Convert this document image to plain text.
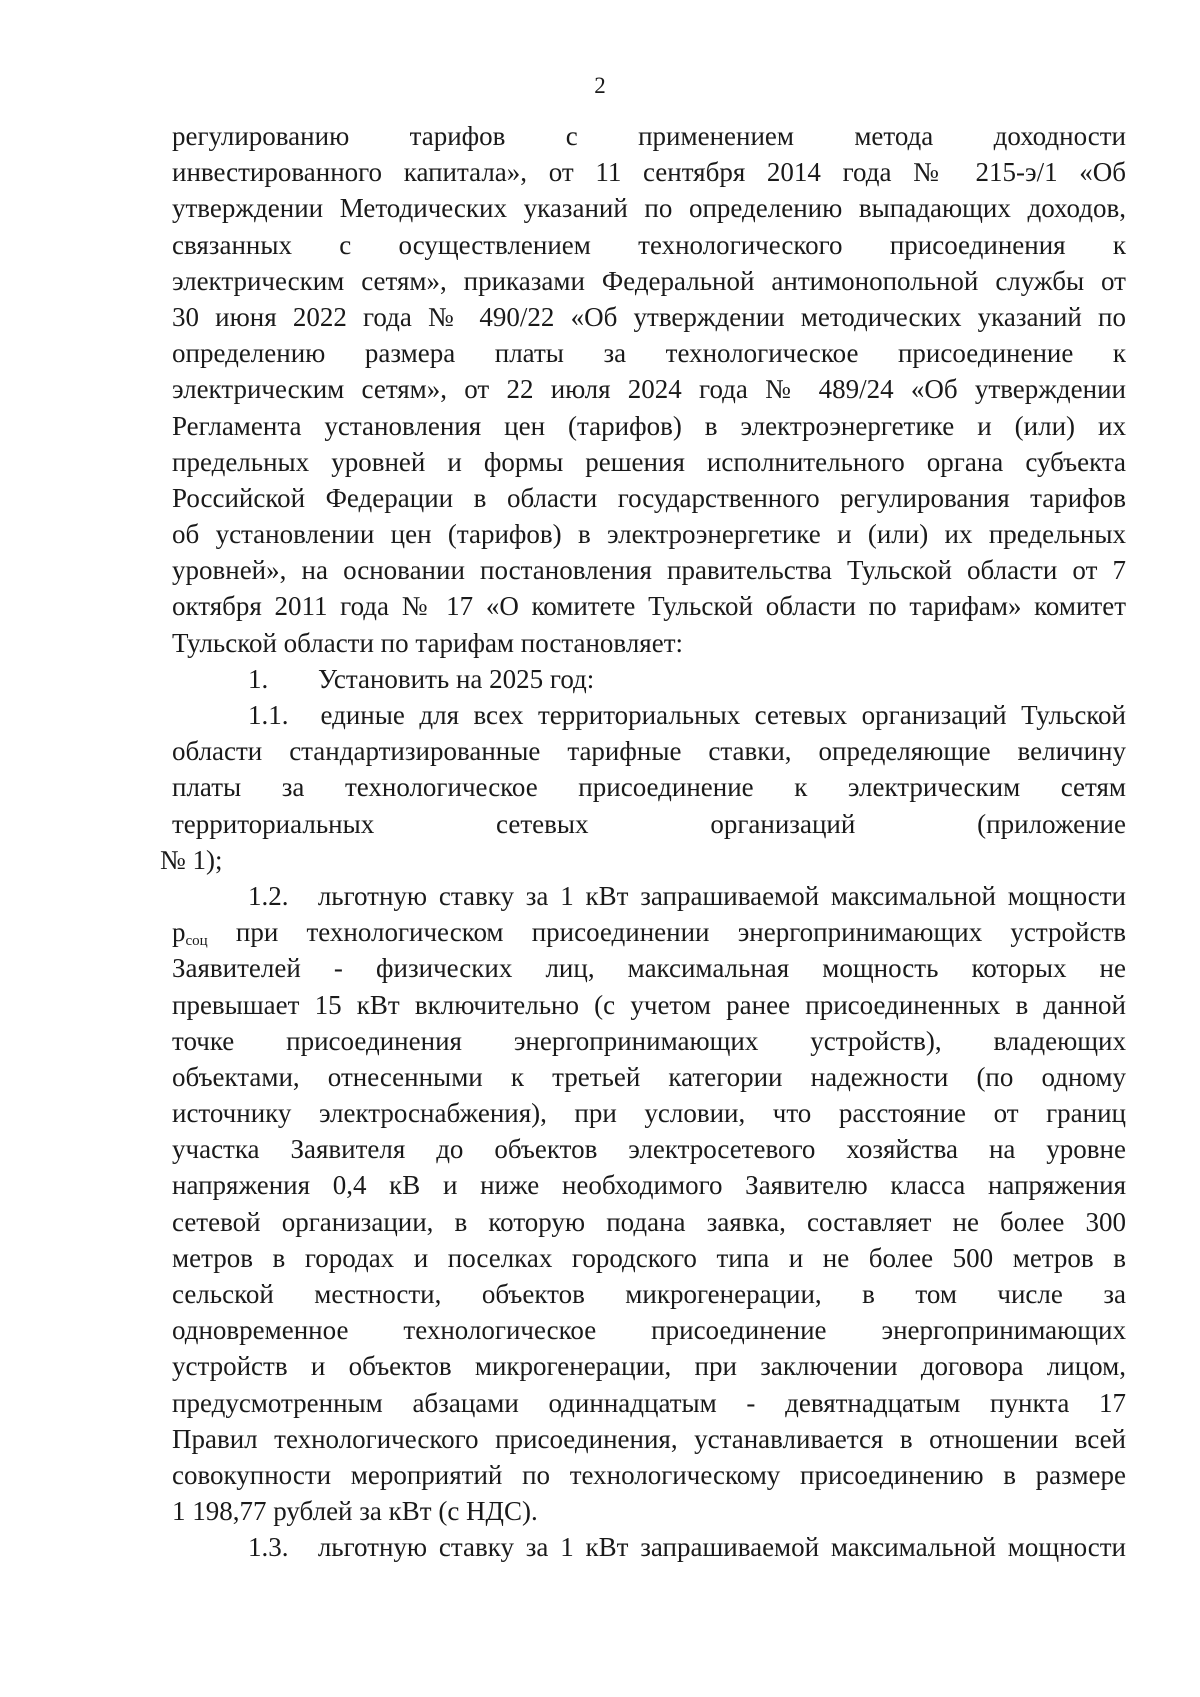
2
регулированию тарифов с применением метода доходности
инвестированного капитала», от 11 сентября 2014 года № 215-э/1 «Об
утверждении Методических указаний по определению выпадающих доходов,
связанных с осуществлением технологического присоединения к
электрическим сетям», приказами Федеральной антимонопольной службы от
30 июня 2022 года № 490/22 «Об утверждении методических указаний по
определению размера платы за технологическое присоединение к
электрическим сетям», от 22 июля 2024 года № 489/24 «Об утверждении
Регламента установления цен (тарифов) в электроэнергетике и (или) их
предельных уровней и формы решения исполнительного органа субъекта
Российской Федерации в области государственного регулирования тарифов
об установлении цен (тарифов) в электроэнергетике и (или) их предельных
уровней», на основании постановления правительства Тульской области от 7
октября 2011 года № 17 «О комитете Тульской области по тарифам» комитет
Тульской области по тарифам постановляет:
1. Установить на 2025 год:
1.1. единые для всех территориальных сетевых организаций Тульской
области стандартизированные тарифные ставки, определяющие величину
платы за технологическое присоединение к электрическим сетям
территориальных сетевых организаций (приложение
№ 1);
1.2. льготную ставку за 1 кВт запрашиваемой максимальной мощности
$p_{соц}$ при технологическом присоединении энергопринимающих устройств
Заявителей - физических лиц, максимальная мощность которых не
превышает 15 кВт включительно (с учетом ранее присоединенных в данной
точке присоединения энергопринимающих устройств), владеющих
объектами, отнесенными к третьей категории надежности (по одному
источнику электроснабжения), при условии, что расстояние от границ
участка Заявителя до объектов электросетевого хозяйства на уровне
напряжения 0,4 кВ и ниже необходимого Заявителю класса напряжения
сетевой организации, в которую подана заявка, составляет не более 300
метров в городах и поселках городского типа и не более 500 метров в
сельской местности, объектов микрогенерации, в том числе за
одновременное технологическое присоединение энергопринимающих
устройств и объектов микрогенерации, при заключении договора лицом,
предусмотренным абзацами одиннадцатым - девятнадцатым пункта 17
Правил технологического присоединения, устанавливается в отношении всей
совокупности мероприятий по технологическому присоединению в размере
1 198,77 рублей за кВт (с НДС).
1.3. льготную ставку за 1 кВт запрашиваемой максимальной мощности
